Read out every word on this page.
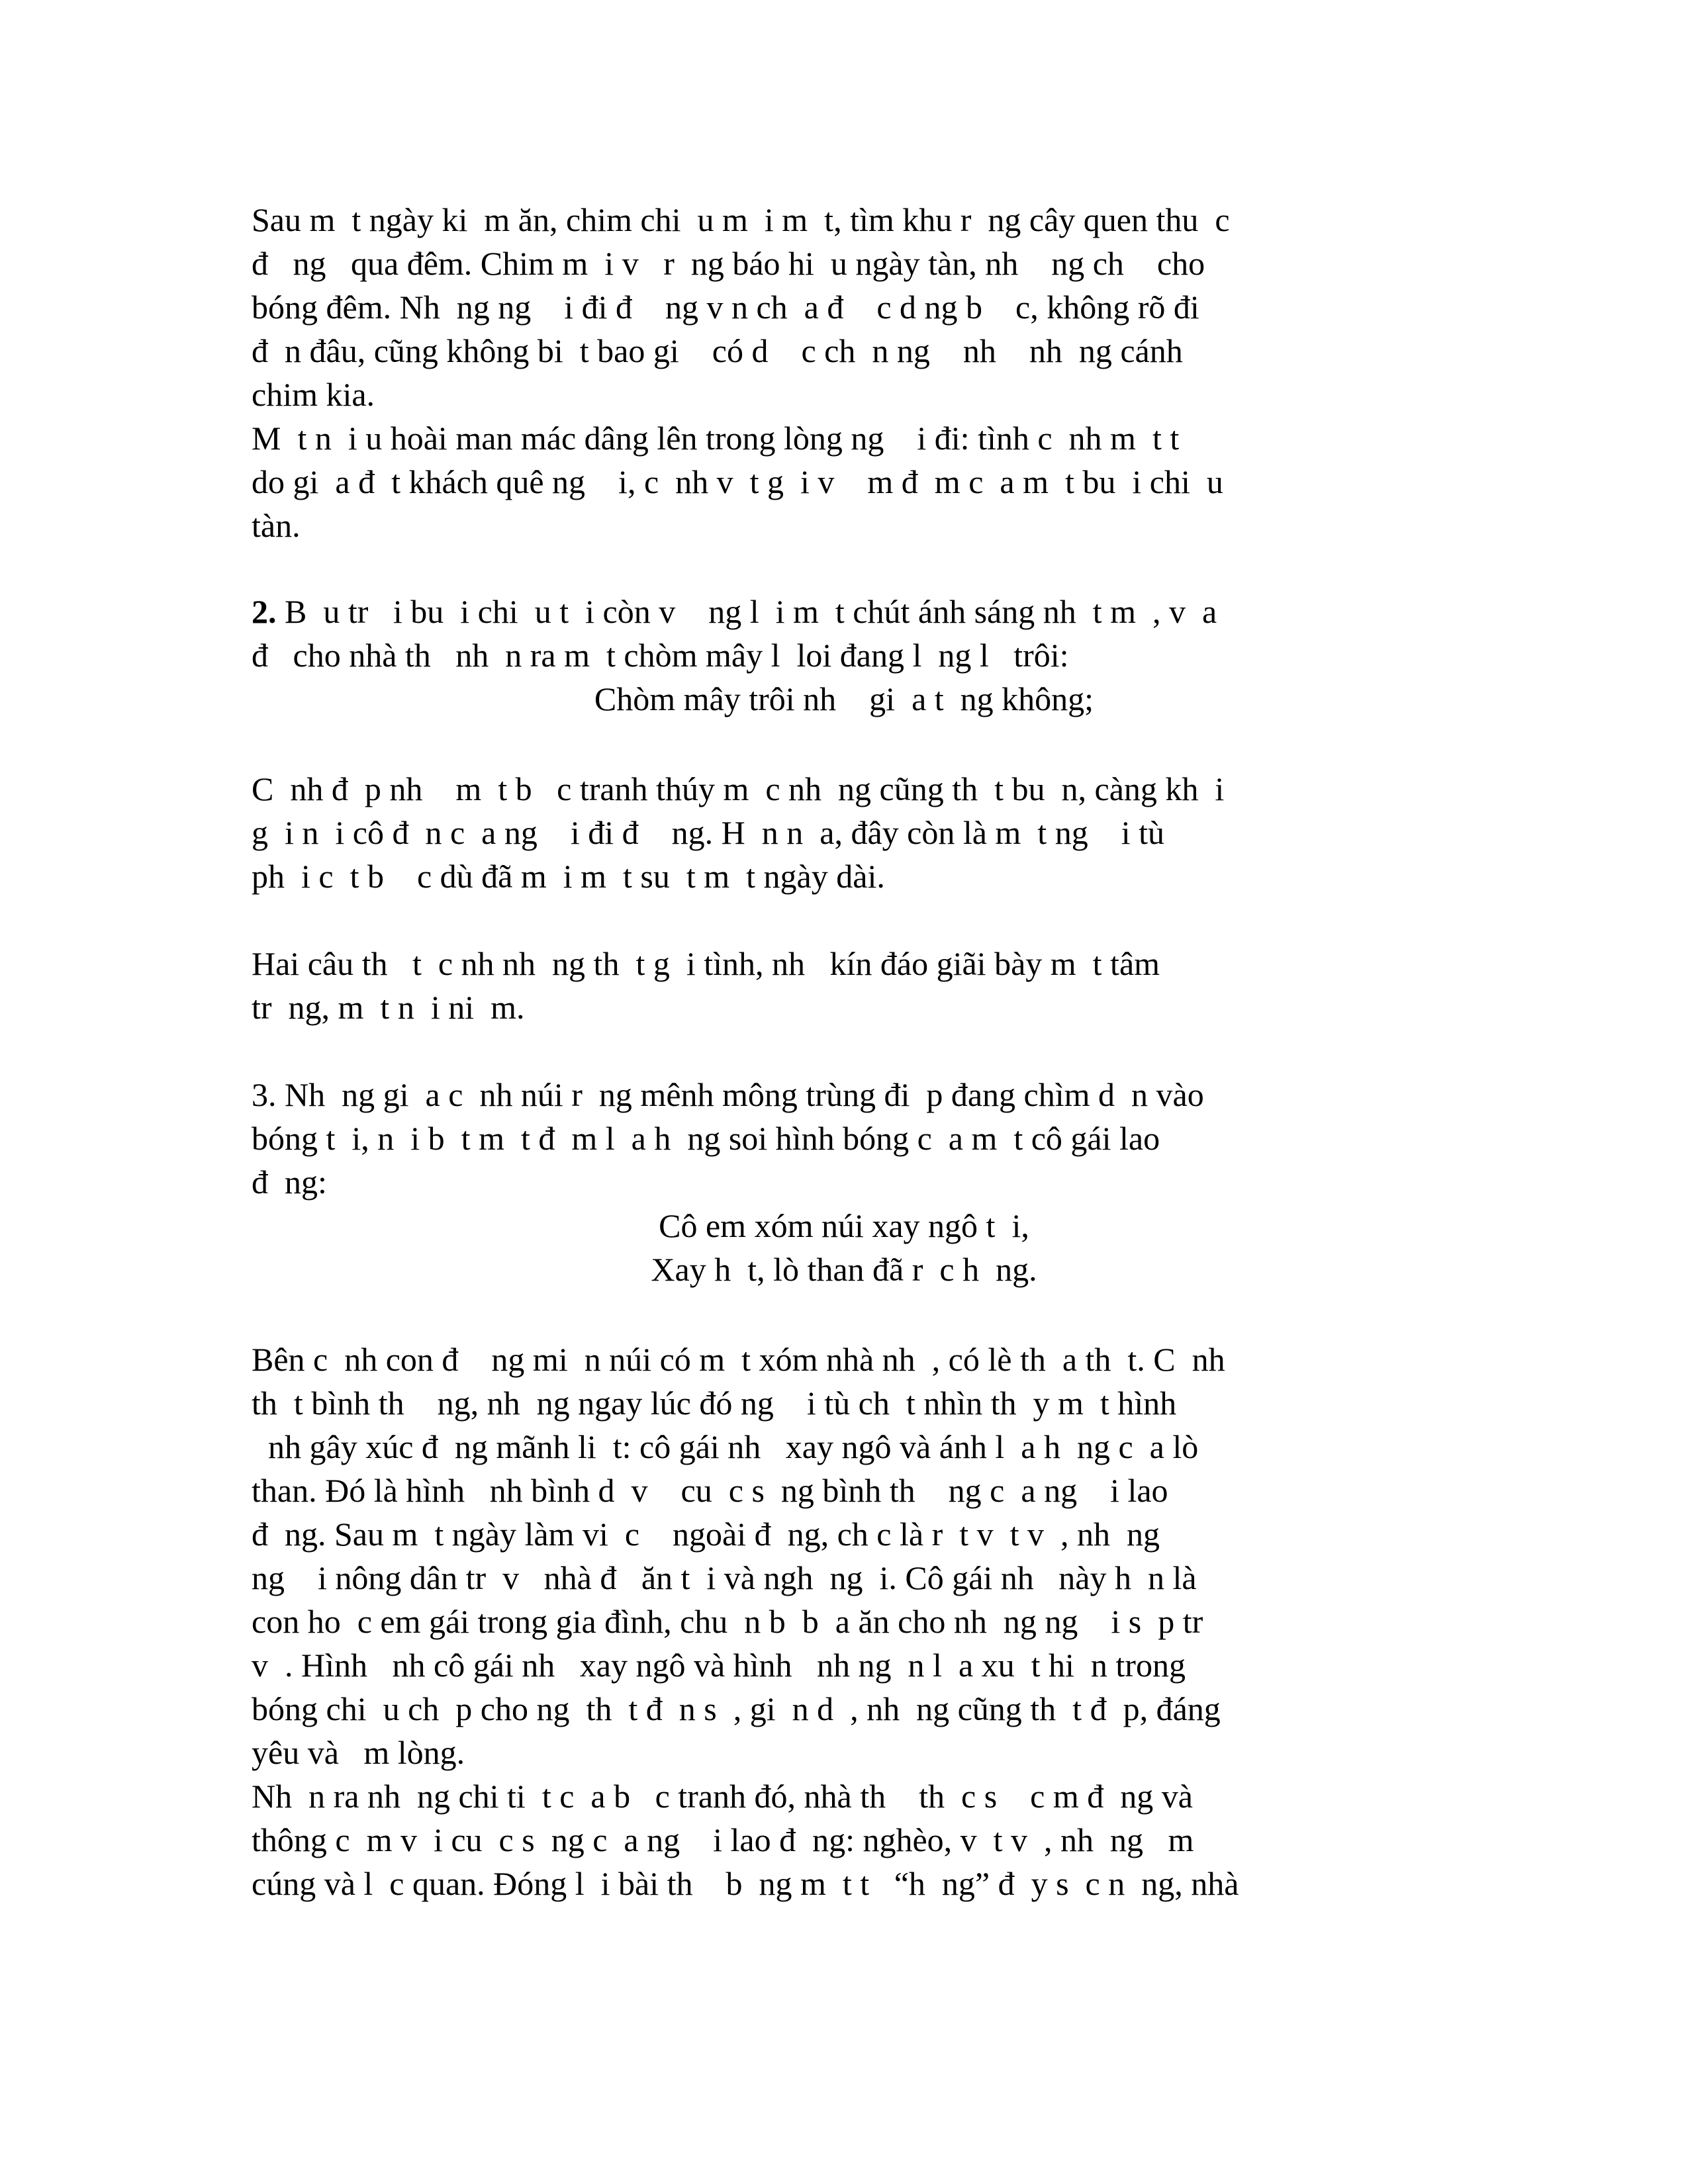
Sau m  t ngày ki  m ăn, chim chi  u m  i m  t, tìm khu r  ng cây quen thu  c
đ   ng   qua đêm. Chim m  i v   r  ng báo hi  u ngày tàn, nh    ng ch    cho
bóng đêm. Nh  ng ng    i đi đ    ng v n ch  a đ    c d ng b    c, không rõ đi
đ  n đâu, cũng không bi  t bao gi    có d    c ch  n ng    nh    nh  ng cánh
chim kia.
M  t n  i u hoài man mác dâng lên trong lòng ng    i đi: tình c  nh m  t t
do gi  a đ  t khách quê ng    i, c  nh v  t g  i v    m đ  m c  a m  t bu  i chi  u
tàn.
2. B  u tr   i bu  i chi  u t  i còn v    ng l  i m  t chút ánh sáng nh  t m  , v  a
đ   cho nhà th   nh  n ra m  t chòm mây l  loi đang l  ng l   trôi:
Chòm mây trôi nh    gi  a t  ng không;
C  nh đ  p nh    m  t b   c tranh thúy m  c nh  ng cũng th  t bu  n, càng kh  i
g  i n  i cô đ  n c  a ng    i đi đ    ng. H  n n  a, đây còn là m  t ng    i tù
ph  i c  t b    c dù đã m  i m  t su  t m  t ngày dài.
Hai câu th   t  c nh nh  ng th  t g  i tình, nh   kín đáo giãi bày m  t tâm
tr  ng, m  t n  i ni  m.
3. Nh  ng gi  a c  nh núi r  ng mênh mông trùng đi  p đang chìm d  n vào
bóng t  i, n  i b  t m  t đ  m l  a h  ng soi hình bóng c  a m  t cô gái lao
đ  ng:
Cô em xóm núi xay ngô t  i,
Xay h  t, lò than đã r  c h  ng.
Bên c  nh con đ    ng mi  n núi có m  t xóm nhà nh  , có lè th  a th  t. C  nh
th  t bình th    ng, nh  ng ngay lúc đó ng    i tù ch  t nhìn th  y m  t hình
nh gây xúc đ  ng mãnh li  t: cô gái nh   xay ngô và ánh l  a h  ng c  a lò
than. Đó là hình   nh bình d  v    cu  c s  ng bình th    ng c  a ng    i lao
đ  ng. Sau m  t ngày làm vi  c    ngoài đ  ng, ch c là r  t v  t v  , nh  ng
ng    i nông dân tr  v   nhà đ   ăn t  i và ngh  ng  i. Cô gái nh   này h  n là
con ho  c em gái trong gia đình, chu  n b  b  a ăn cho nh  ng ng    i s  p tr
v  . Hình   nh cô gái nh   xay ngô và hình   nh ng  n l  a xu  t hi  n trong
bóng chi  u ch  p cho ng  th  t đ  n s  , gi  n d  , nh  ng cũng th  t đ  p, đáng
yêu và   m lòng.
Nh  n ra nh  ng chi ti  t c  a b   c tranh đó, nhà th    th  c s    c m đ  ng và
thông c  m v  i cu  c s  ng c  a ng    i lao đ  ng: nghèo, v  t v  , nh  ng   m
cúng và l  c quan. Đóng l  i bài th    b  ng m  t t   “h  ng” đ  y s  c n  ng, nhà
